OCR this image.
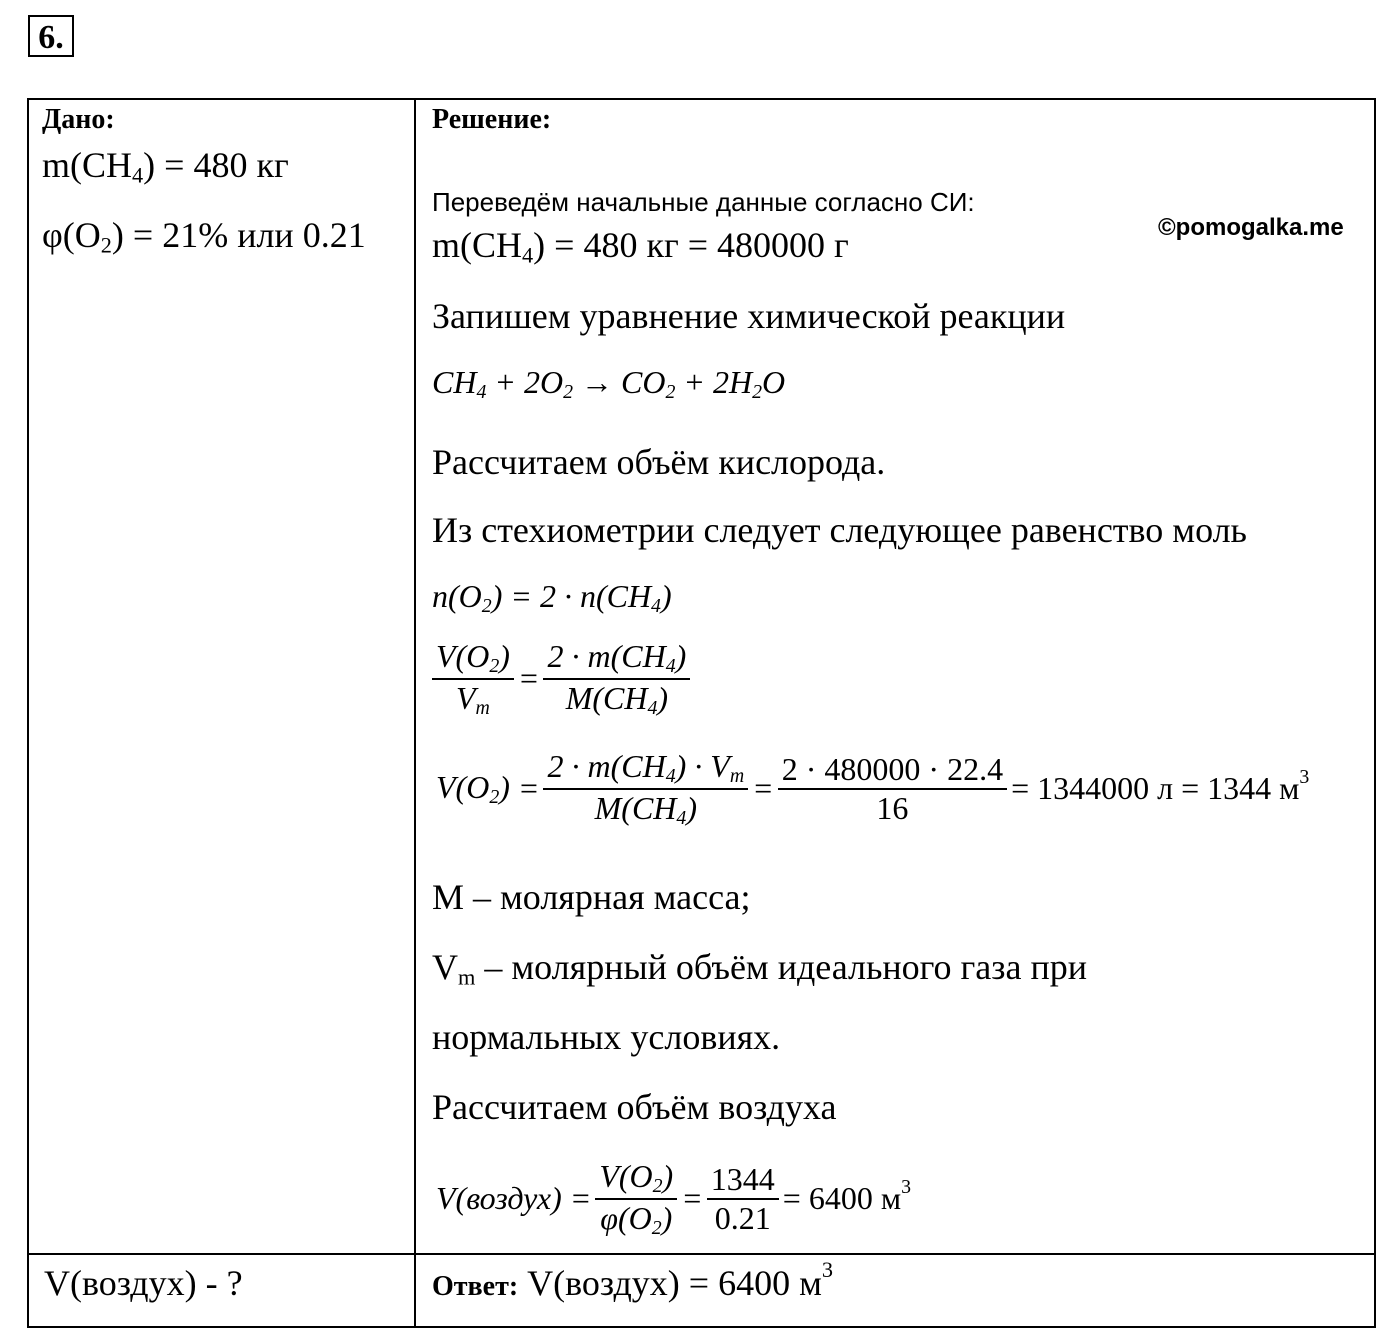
6.
Дано:
$m(CH_4) = 480$ кг
$\varphi(O_2) = 21\%$ или 0.21
V(воздух) - ?
Решение:
Переведём начальные данные согласно СИ:
©pomogalka.me
$m(CH_4) = 480$ кг = 480000 г
Запишем уравнение химической реакции
$CH_4 + 2O_2 \to CO_2 + 2H_2O$
Рассчитаем объём кислорода.
Из стехиометрии следует следующее равенство моль
$n(O_2) = 2 \cdot n(CH_4)$
$\frac{V(O_2)}{V_m} = \frac{2 \cdot m(CH_4)}{M(CH_4)}$
$V(O_2) = \frac{2 \cdot m(CH_4) \cdot V_m}{M(CH_4)} = \frac{2 \cdot 480000 \cdot 22.4}{16} = 1344000$ л = 1344 $м^3$
M – молярная масса;
$V_m$ – молярный объём идеального газа при
нормальных условиях.
Рассчитаем объём воздуха
V(воздух) = $\frac{V(O_2)}{\varphi(O_2)} = \frac{1344}{0.21} = 6400$ $м^3$
Ответ: V(воздух) = 6400 $м^3$
